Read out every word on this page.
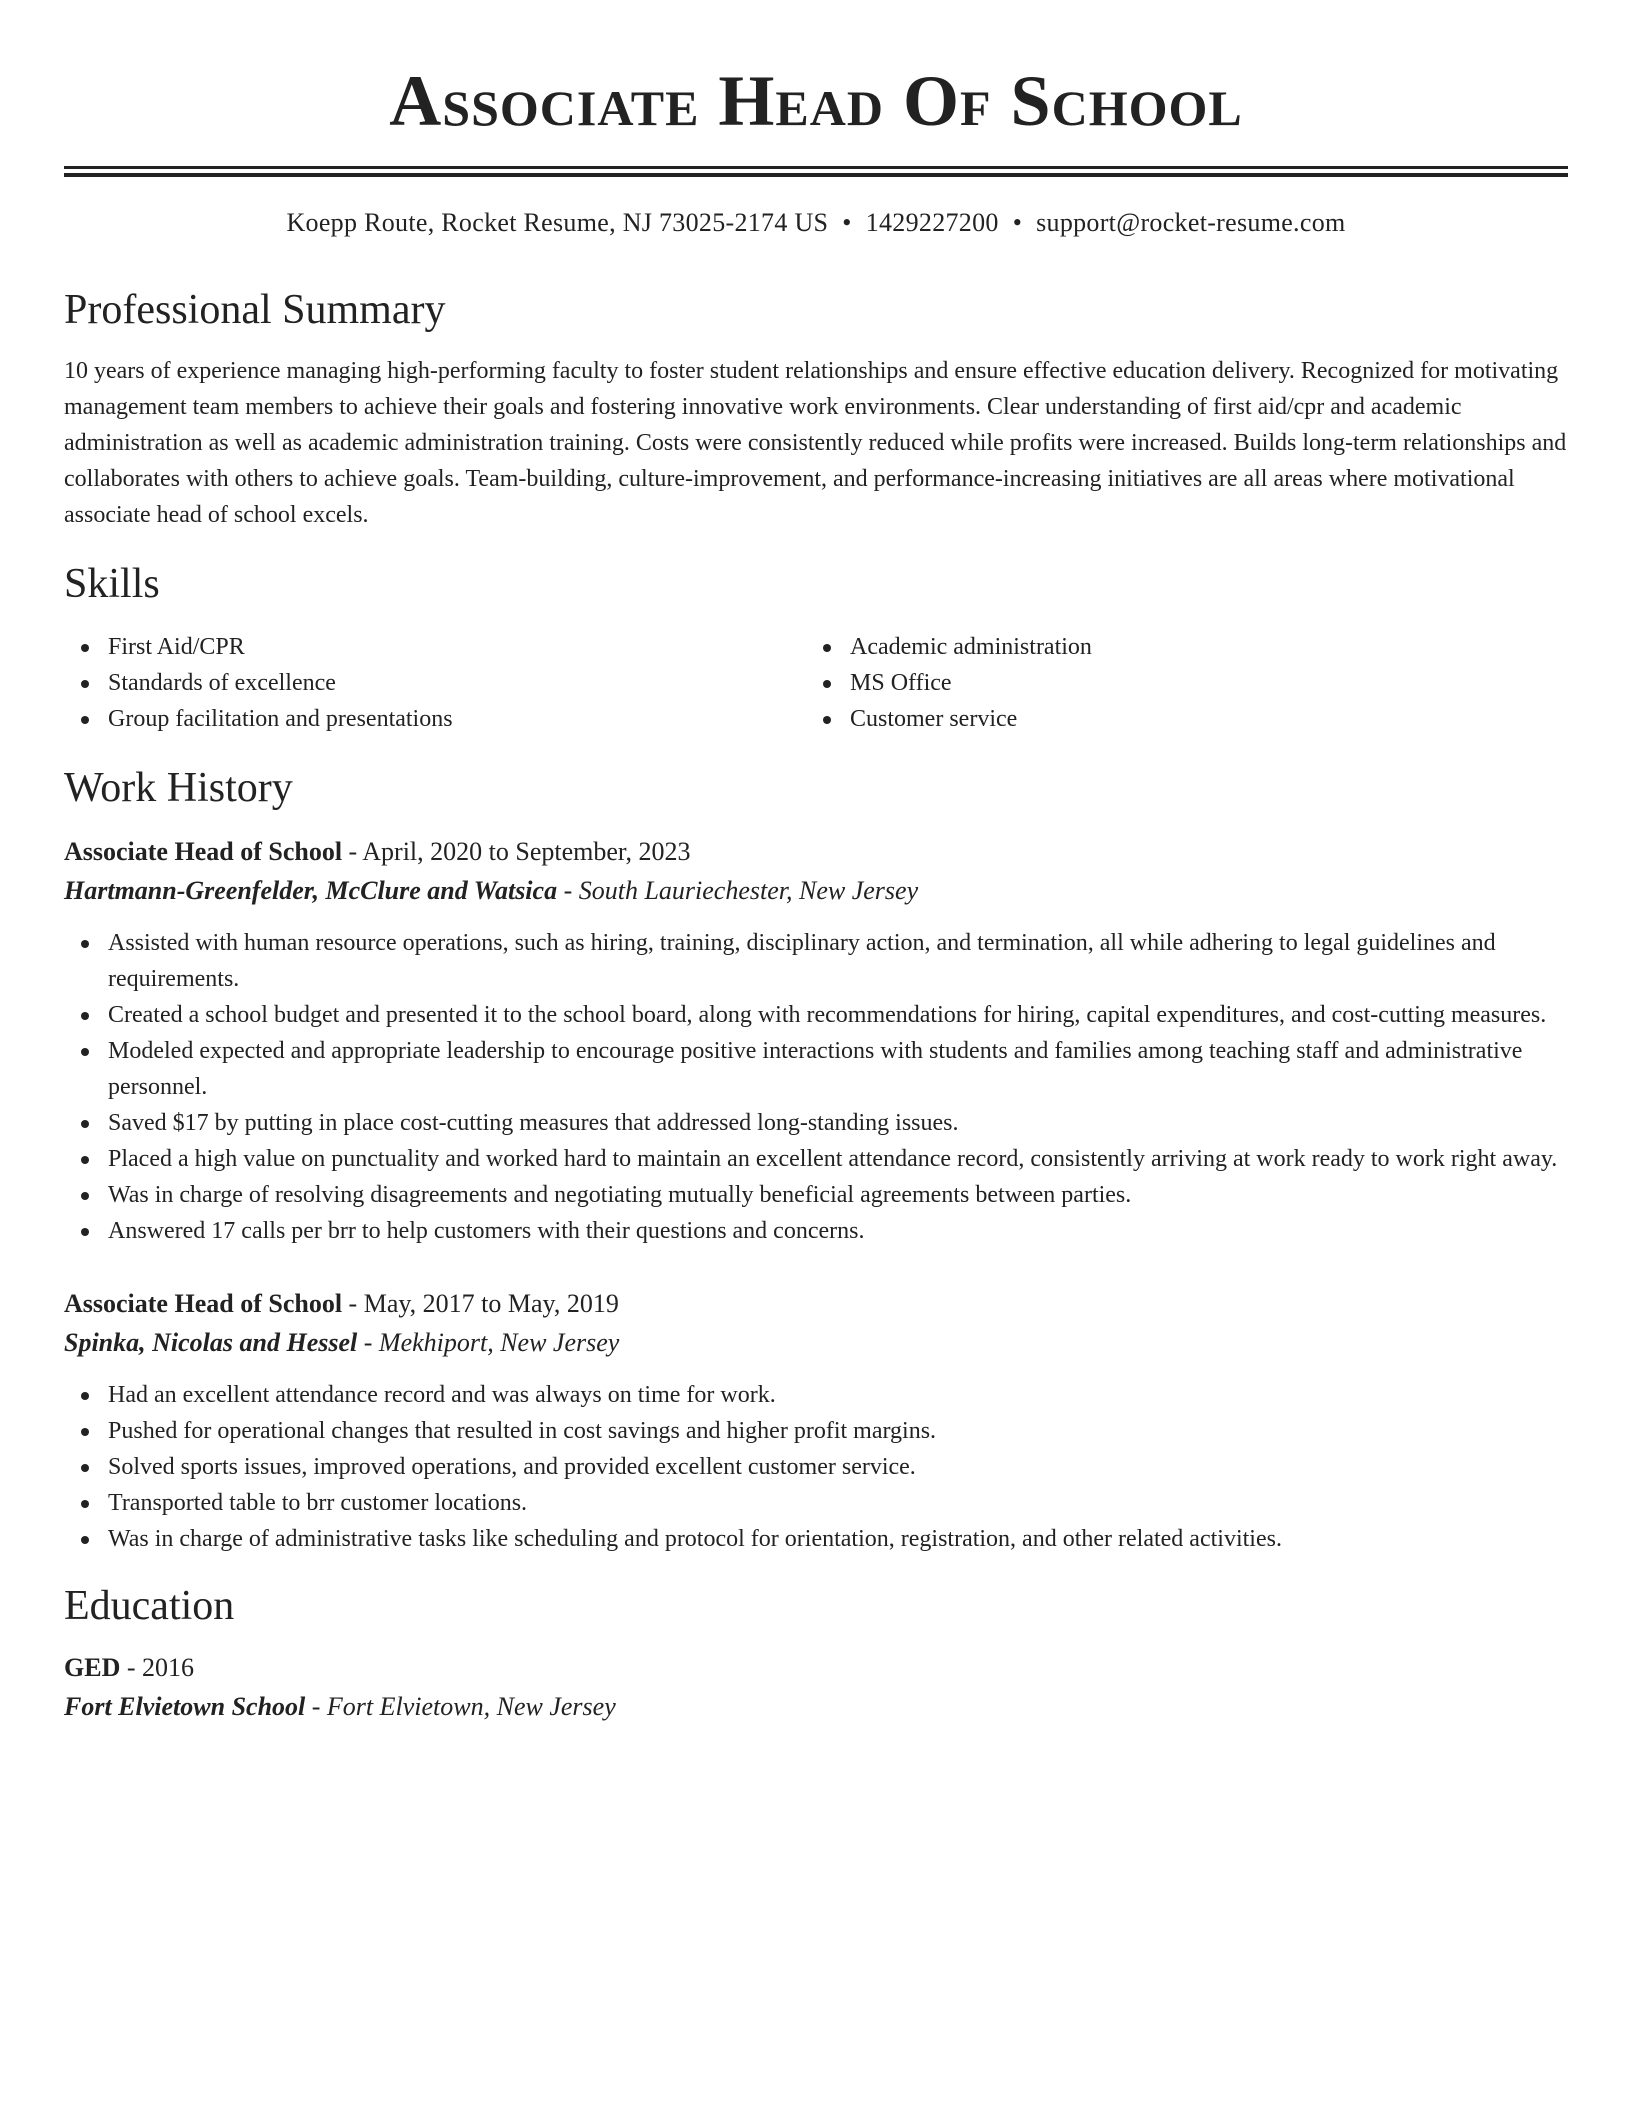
Associate Head Of School
Koepp Route, Rocket Resume, NJ 73025-2174 US • 1429227200 • support@rocket-resume.com
Professional Summary

10 years of experience managing high-performing faculty to foster student relationships and ensure effective education delivery. Recognized for motivating management team members to achieve their goals and fostering innovative work environments. Clear understanding of first aid/cpr and academic administration as well as academic administration training. Costs were consistently reduced while profits were increased. Builds long-term relationships and collaborates with others to achieve goals. Team-building, culture-improvement, and performance-increasing initiatives are all areas where motivational associate head of school excels.

Skills
First Aid/CPR
Standards of excellence
Group facilitation and presentations
Academic administration
MS Office
Customer service
Work History
Associate Head of School - April, 2020 to September, 2023
Hartmann-Greenfelder, McClure and Watsica - South Lauriechester, New Jersey
Assisted with human resource operations, such as hiring, training, disciplinary action, and termination, all while adhering to legal guidelines and requirements.
Created a school budget and presented it to the school board, along with recommendations for hiring, capital expenditures, and cost-cutting measures.
Modeled expected and appropriate leadership to encourage positive interactions with students and families among teaching staff and administrative personnel.
Saved $17 by putting in place cost-cutting measures that addressed long-standing issues.
Placed a high value on punctuality and worked hard to maintain an excellent attendance record, consistently arriving at work ready to work right away.
Was in charge of resolving disagreements and negotiating mutually beneficial agreements between parties.
Answered 17 calls per brr to help customers with their questions and concerns.
Associate Head of School - May, 2017 to May, 2019
Spinka, Nicolas and Hessel - Mekhiport, New Jersey
Had an excellent attendance record and was always on time for work.
Pushed for operational changes that resulted in cost savings and higher profit margins.
Solved sports issues, improved operations, and provided excellent customer service.
Transported table to brr customer locations.
Was in charge of administrative tasks like scheduling and protocol for orientation, registration, and other related activities.
Education
GED - 2016
Fort Elvietown School - Fort Elvietown, New Jersey
